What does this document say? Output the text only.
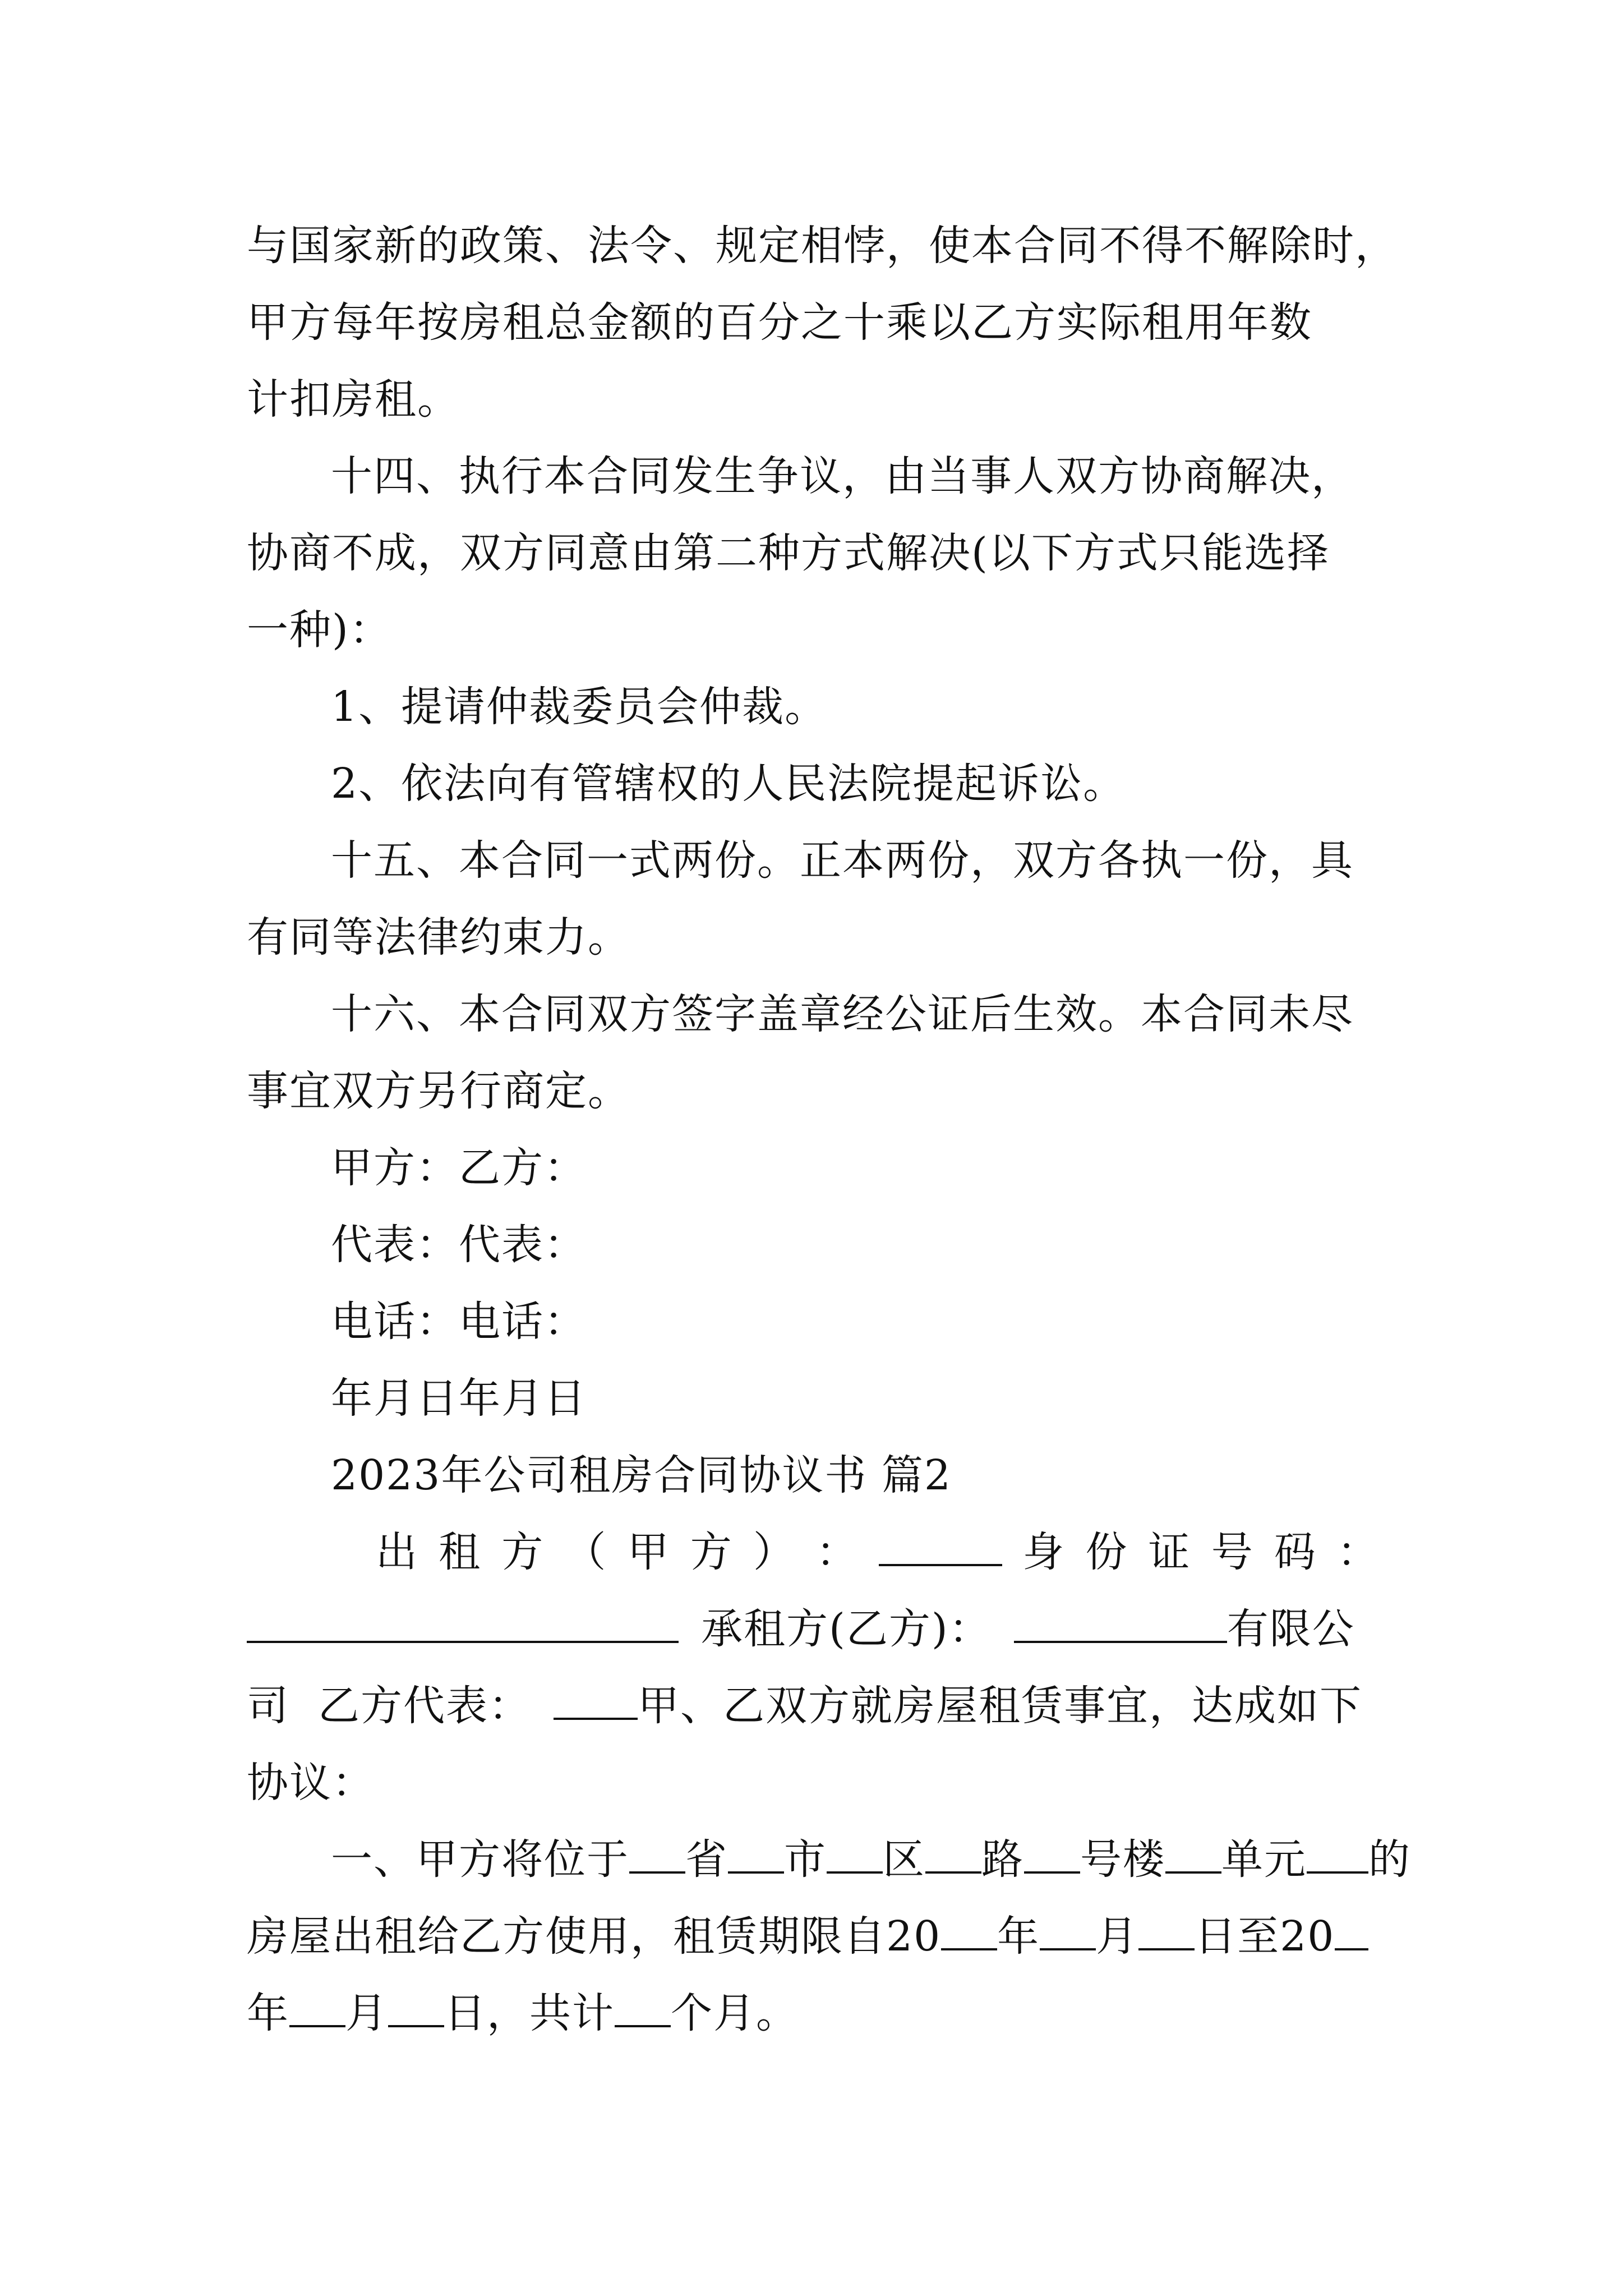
与国家新的政策、法令、规定相悖，使本合同不得不解除时，
甲方每年按房租总金额的百分之十乘以乙方实际租用年数
计扣房租。
十四、执行本合同发生争议，由当事人双方协商解决，
协商不成，双方同意由第二种方式解决(以下方式只能选择
一种)：
1、提请仲裁委员会仲裁。
2、依法向有管辖权的人民法院提起诉讼。
十五、本合同一式两份。正本两份，双方各执一份，具
有同等法律约束力。
十六、本合同双方签字盖章经公证后生效。本合同未尽
事宜双方另行商定。
甲方：乙方：
代表：代表：
电话：电话：
年月日年月日
2023年公司租房合同协议书 篇2
出 租 方 （ 甲 方 ） ：	身 份 证 号 码 ：
承租方(乙方)：	有限公
司  乙方代表：	甲、乙双方就房屋租赁事宜，达成如下
协议：
一、甲方将位于 省 市 区 路 号楼 单元 的
房屋出租给乙方使用，租赁期限自20 年 月 日至20
年 月 日，共计 个月。
